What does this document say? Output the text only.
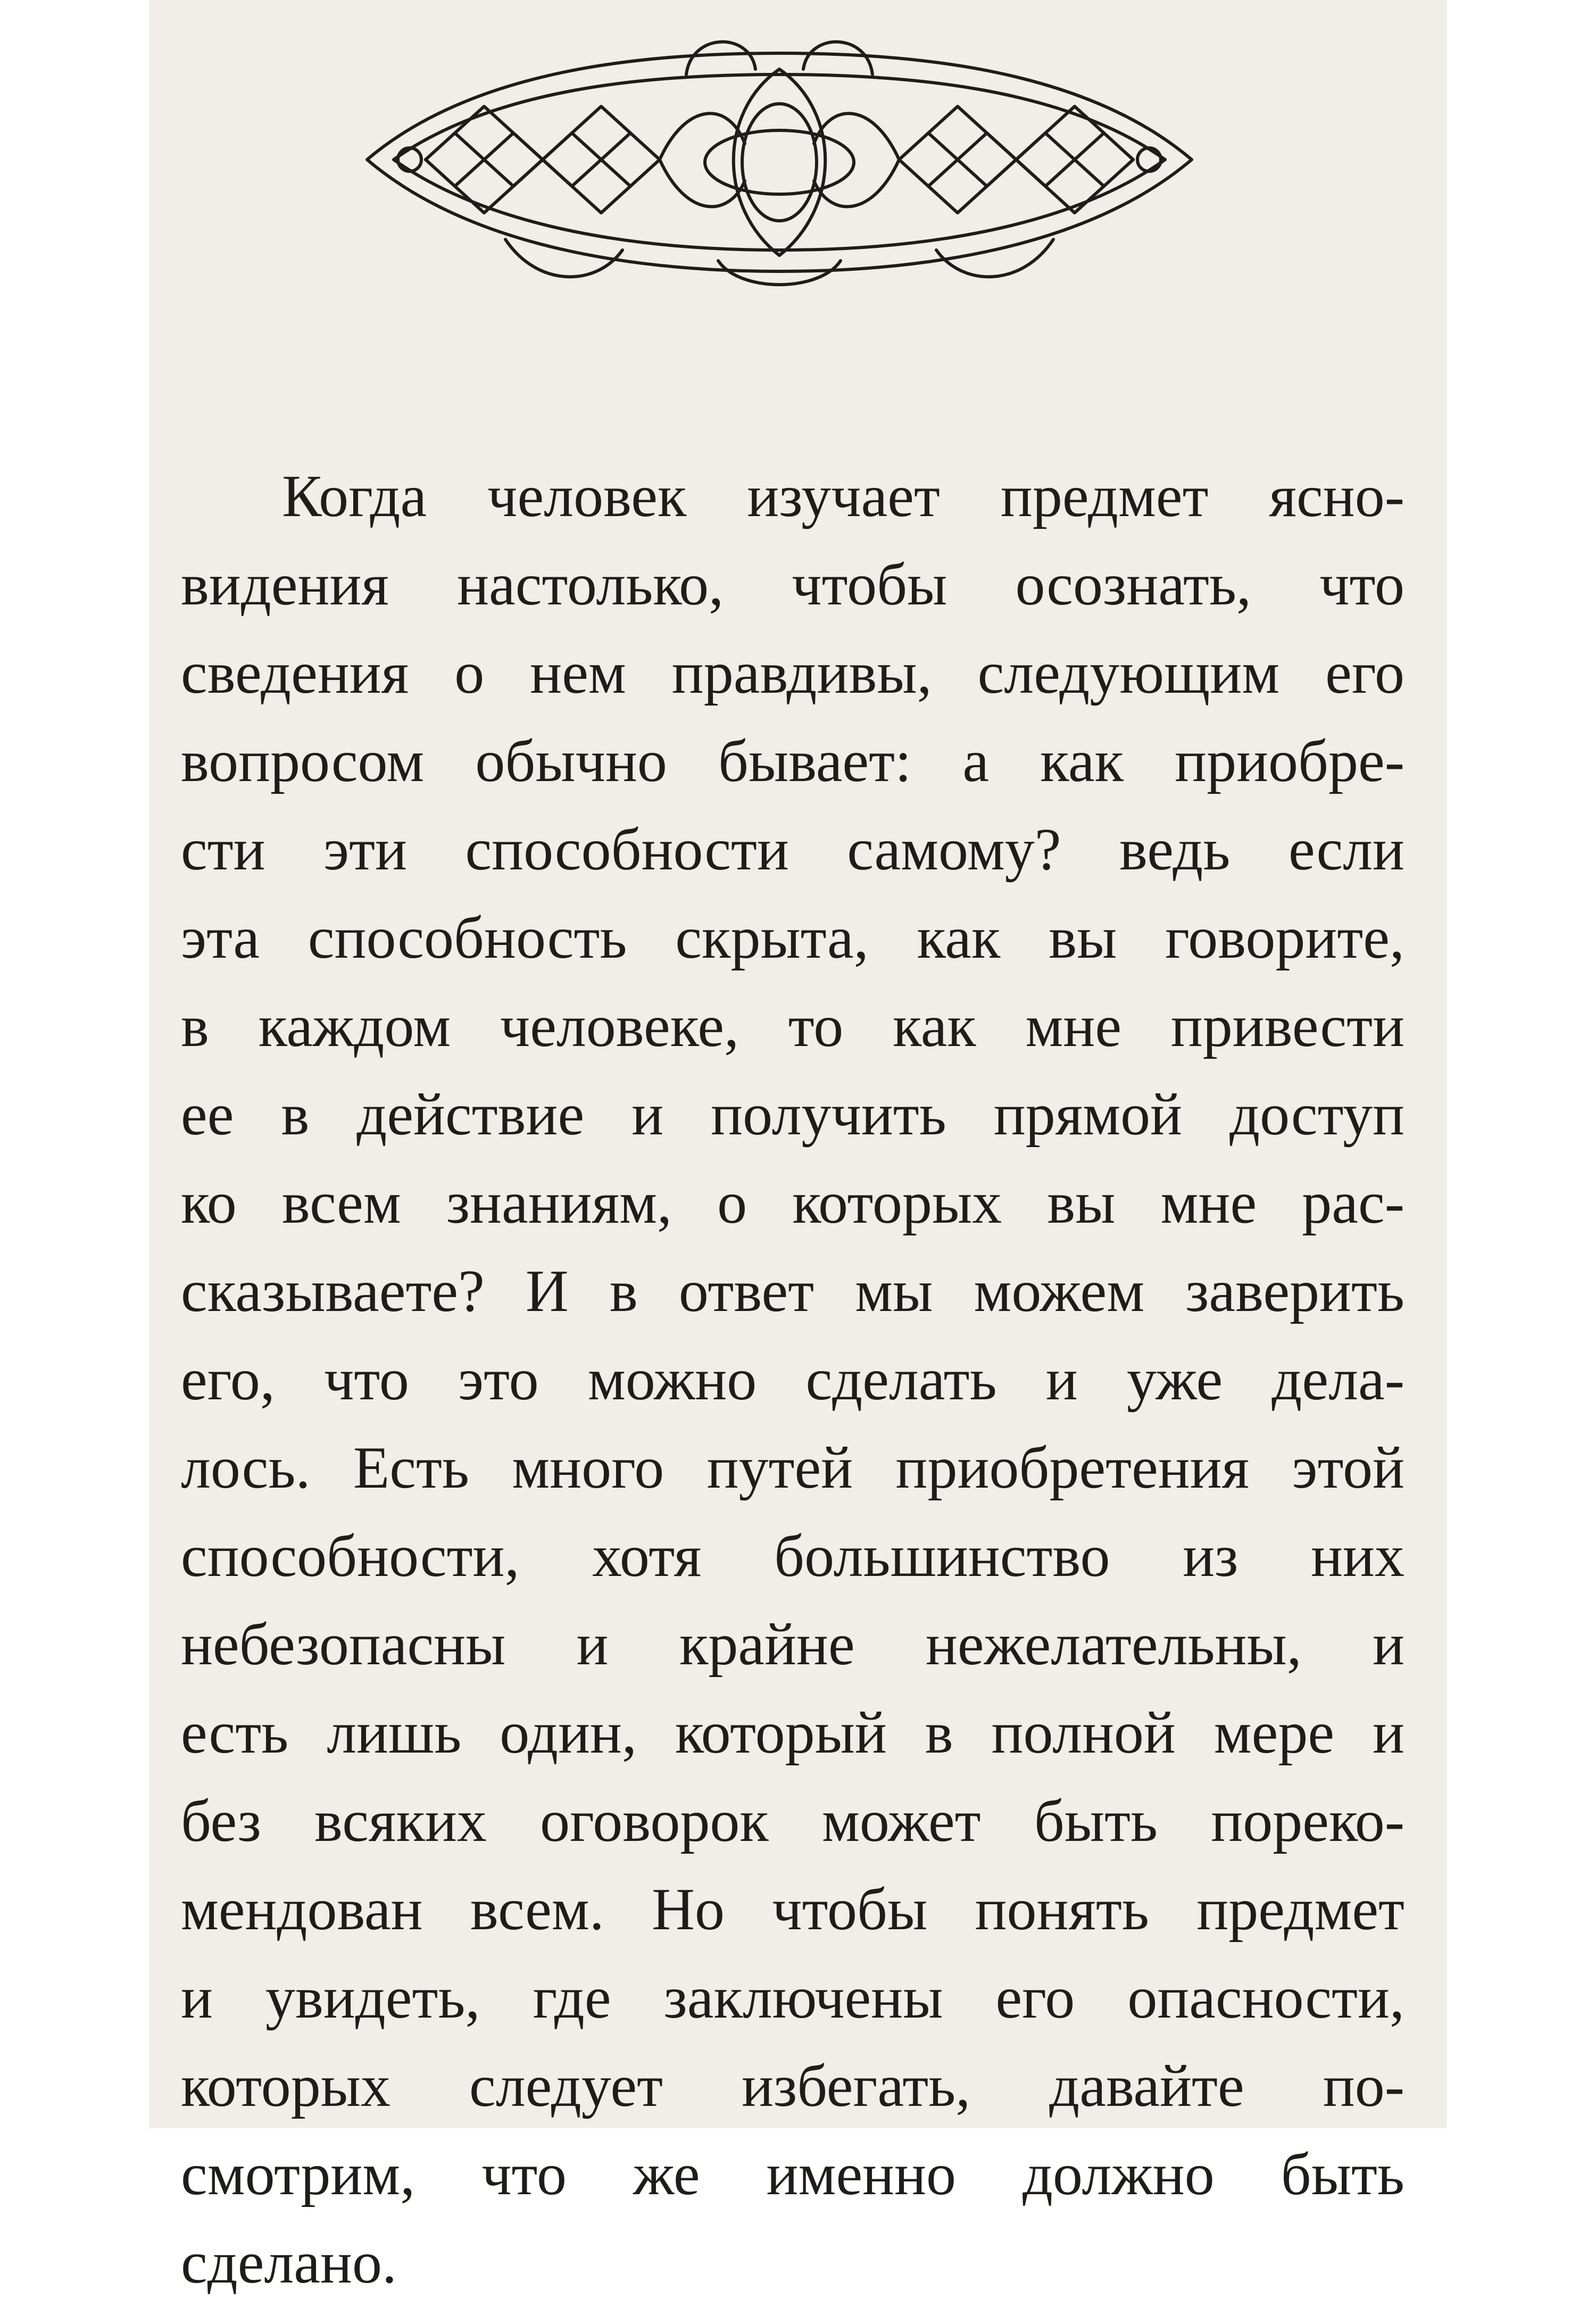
Когда человек изучает предмет ясно-
видения настолько, чтобы осознать, что
сведения о нем правдивы, следующим его
вопросом обычно бывает: а как приобре-
сти эти способности самому? ведь если
эта способность скрыта, как вы говорите,
в каждом человеке, то как мне привести
ее в действие и получить прямой доступ
ко всем знаниям, о которых вы мне рас-
сказываете? И в ответ мы можем заверить
его, что это можно сделать и уже дела-
лось. Есть много путей приобретения этой
способности, хотя большинство из них
небезопасны и крайне нежелательны, и
есть лишь один, который в полной мере и
без всяких оговорок может быть пореко-
мендован всем. Но чтобы понять предмет
и увидеть, где заключены его опасности,
которых следует избегать, давайте по-
смотрим, что же именно должно быть
сделано.
